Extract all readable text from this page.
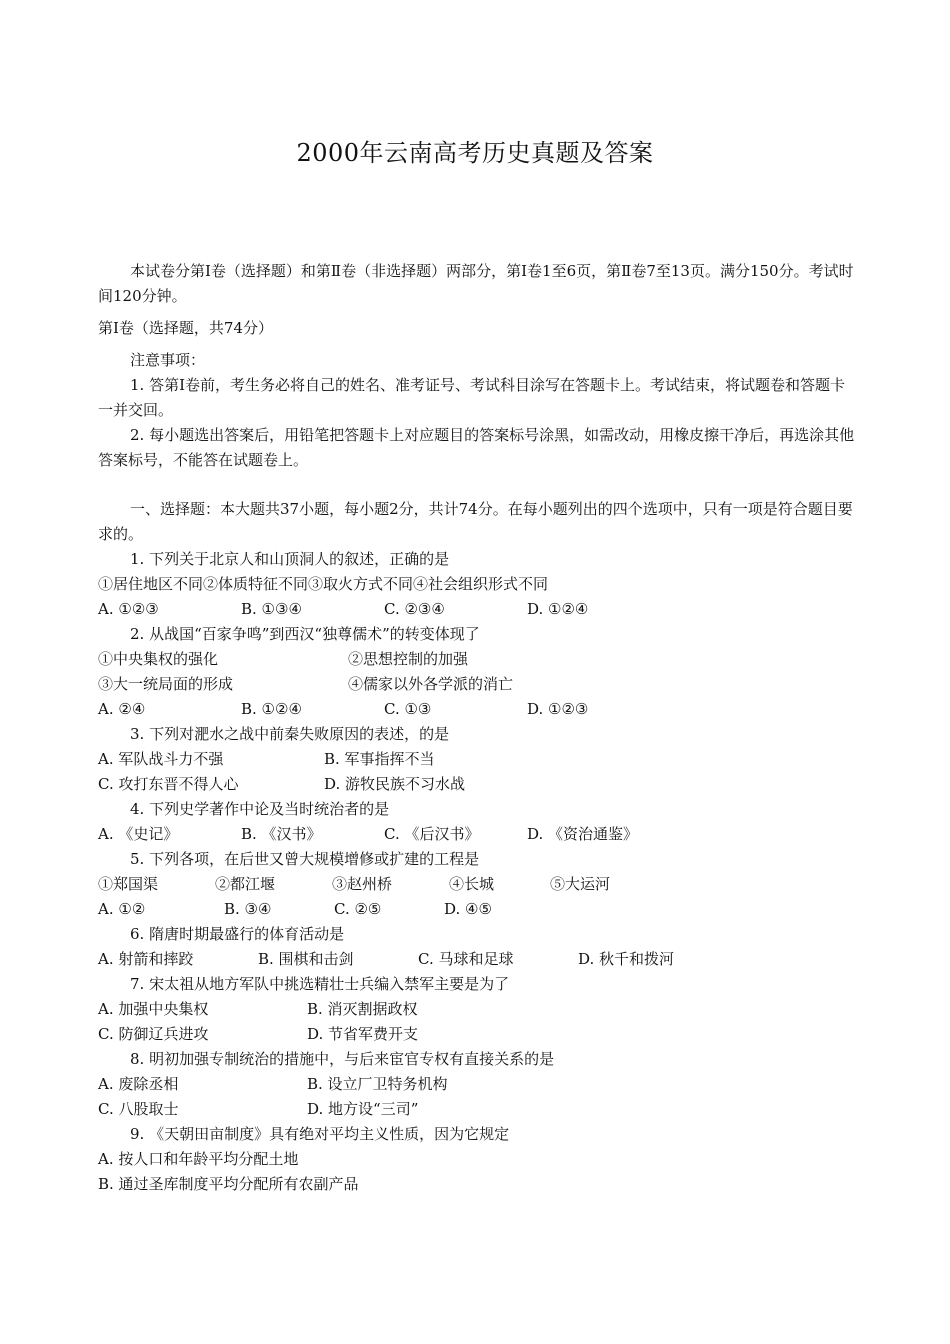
2000年云南高考历史真题及答案

本试卷分第Ⅰ卷（选择题）和第Ⅱ卷（非选择题）两部分，第Ⅰ卷1至6页，第Ⅱ卷7至13页。满分150分。考试时间120分钟。

第Ⅰ卷（选择题，共74分）

注意事项：

1. 答第Ⅰ卷前，考生务必将自己的姓名、准考证号、考试科目涂写在答题卡上。考试结束，将试题卷和答题卡一并交回。

2. 每小题选出答案后，用铅笔把答题卡上对应题目的答案标号涂黑，如需改动，用橡皮擦干净后，再选涂其他答案标号，不能答在试题卷上。

一、选择题：本大题共37小题，每小题2分，共计74分。在每小题列出的四个选项中，只有一项是符合题目要求的。

1. 下列关于北京人和山顶洞人的叙述，正确的是

①居住地区不同②体质特征不同③取火方式不同④社会组织形式不同

A. ①②③	B. ①③④	C. ②③④	D. ①②④

2. 从战国“百家争鸣”到西汉“独尊儒术”的转变体现了

①中央集权的强化	②思想控制的加强
③大一统局面的形成	④儒家以外各学派的消亡
A. ②④	B. ①②④	C. ①③	D. ①②③

3. 下列对淝水之战中前秦失败原因的表述，的是

A. 军队战斗力不强	B. 军事指挥不当
C. 攻打东晋不得人心	D. 游牧民族不习水战

4. 下列史学著作中论及当时统治者的是

A. 《史记》	B. 《汉书》	C. 《后汉书》	D. 《资治通鉴》

5. 下列各项，在后世又曾大规模增修或扩建的工程是

①郑国渠	②都江堰	③赵州桥	④长城	⑤大运河
A. ①②	B. ③④	C. ②⑤	D. ④⑤

6. 隋唐时期最盛行的体育活动是

A. 射箭和摔跤	B. 围棋和击剑	C. 马球和足球	D. 秋千和拨河

7. 宋太祖从地方军队中挑选精壮士兵编入禁军主要是为了

A. 加强中央集权	B. 消灭割据政权
C. 防御辽兵进攻	D. 节省军费开支

8. 明初加强专制统治的措施中，与后来宦官专权有直接关系的是

A. 废除丞相	B. 设立厂卫特务机构
C. 八股取士	D. 地方设“三司”

9. 《天朝田亩制度》具有绝对平均主义性质，因为它规定

A. 按人口和年龄平均分配土地

B. 通过圣库制度平均分配所有农副产品
